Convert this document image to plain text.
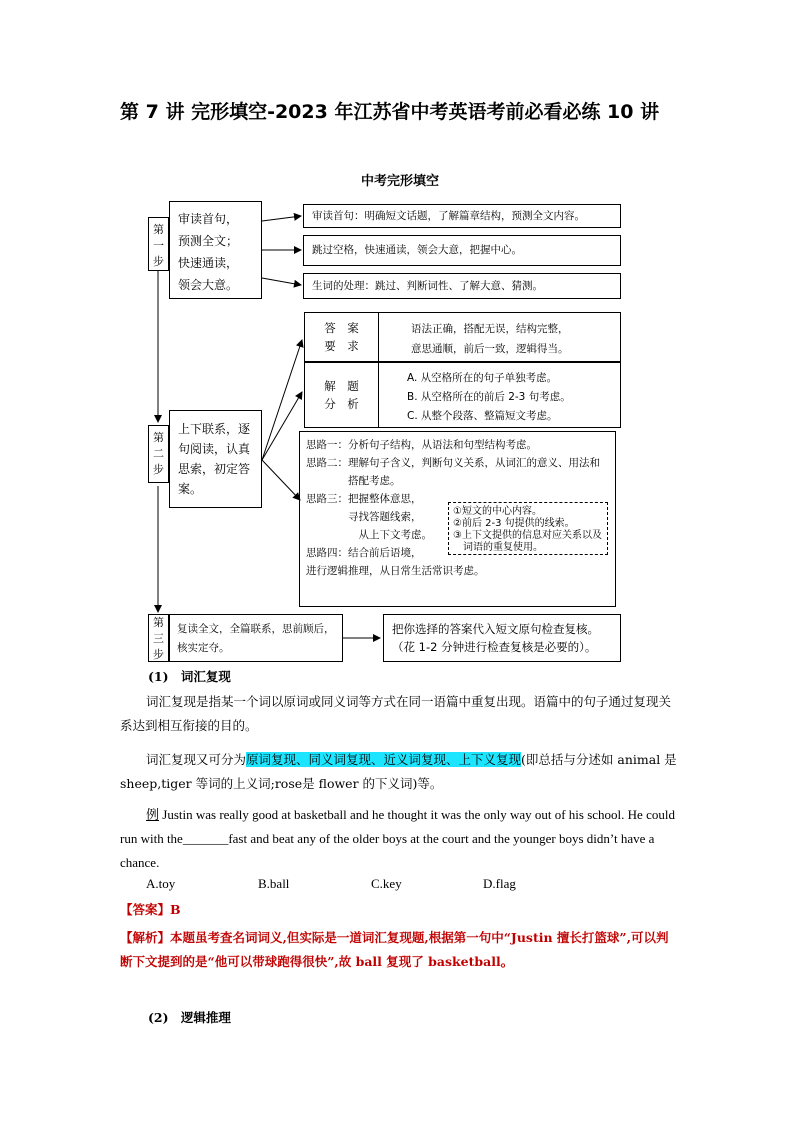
第 7 讲 完形填空-2023 年江苏省中考英语考前必看必练 10 讲
中考完形填空
第
一
步
审读首句，
预测全文；
快速通读，
领会大意。
审读首句：明确短文话题，了解篇章结构，预测全文内容。
跳过空格，快速通读，领会大意，把握中心。
生词的处理：跳过、判断词性、了解大意、猜测。
第
二
步
上下联系，逐
句阅读，认真
思索，初定答
案。
答　案
要　求
语法正确，搭配无误，结构完整，
意思通顺，前后一致，逻辑得当。
解　题
分　析
A. 从空格所在的句子单独考虑。
B. 从空格所在的前后 2-3 句考虑。
C. 从整个段落、整篇短文考虑。
思路一：分析句子结构，从语法和句型结构考虑。
思路二：理解句子含义，判断句义关系，从词汇的意义、用法和
　　　　搭配考虑。
思路三：把握整体意思，
　　　　寻找答题线索，
　　　　　从上下文考虑。
思路四：结合前后语境，
进行逻辑推理，从日常生活常识考虑。
①短文的中心内容。
②前后 2-3 句提供的线索。
③上下文提供的信息对应关系以及
　词语的重复使用。
第
三
步
复读全文，全篇联系，思前顾后，
核实定夺。
把你选择的答案代入短文原句检查复核。
（花 1-2 分钟进行检查复核是必要的）。
(1) 词汇复现
词汇复现是指某一个词以原词或同义词等方式在同一语篇中重复出现。语篇中的句子通过复现关系达到相互衔接的目的。
词汇复现又可分为原词复现、同义词复现、近义词复现、上下义复现(即总括与分述如 animal 是 sheep,tiger 等词的上义词;rose是 flower 的下义词)等。
例 Justin was really good at basketball and he thought it was the only way out of his school. He could run with the_______fast and beat any of the older boys at the court and the younger boys didn’t have a chance.
A.toy	B.ball	C.key	D.flag
【答案】B
【解析】本题虽考查名词词义,但实际是一道词汇复现题,根据第一句中“Justin 擅长打篮球”,可以判断下文提到的是“他可以带球跑得很快”,故 ball 复现了 basketball。
(2) 逻辑推理
